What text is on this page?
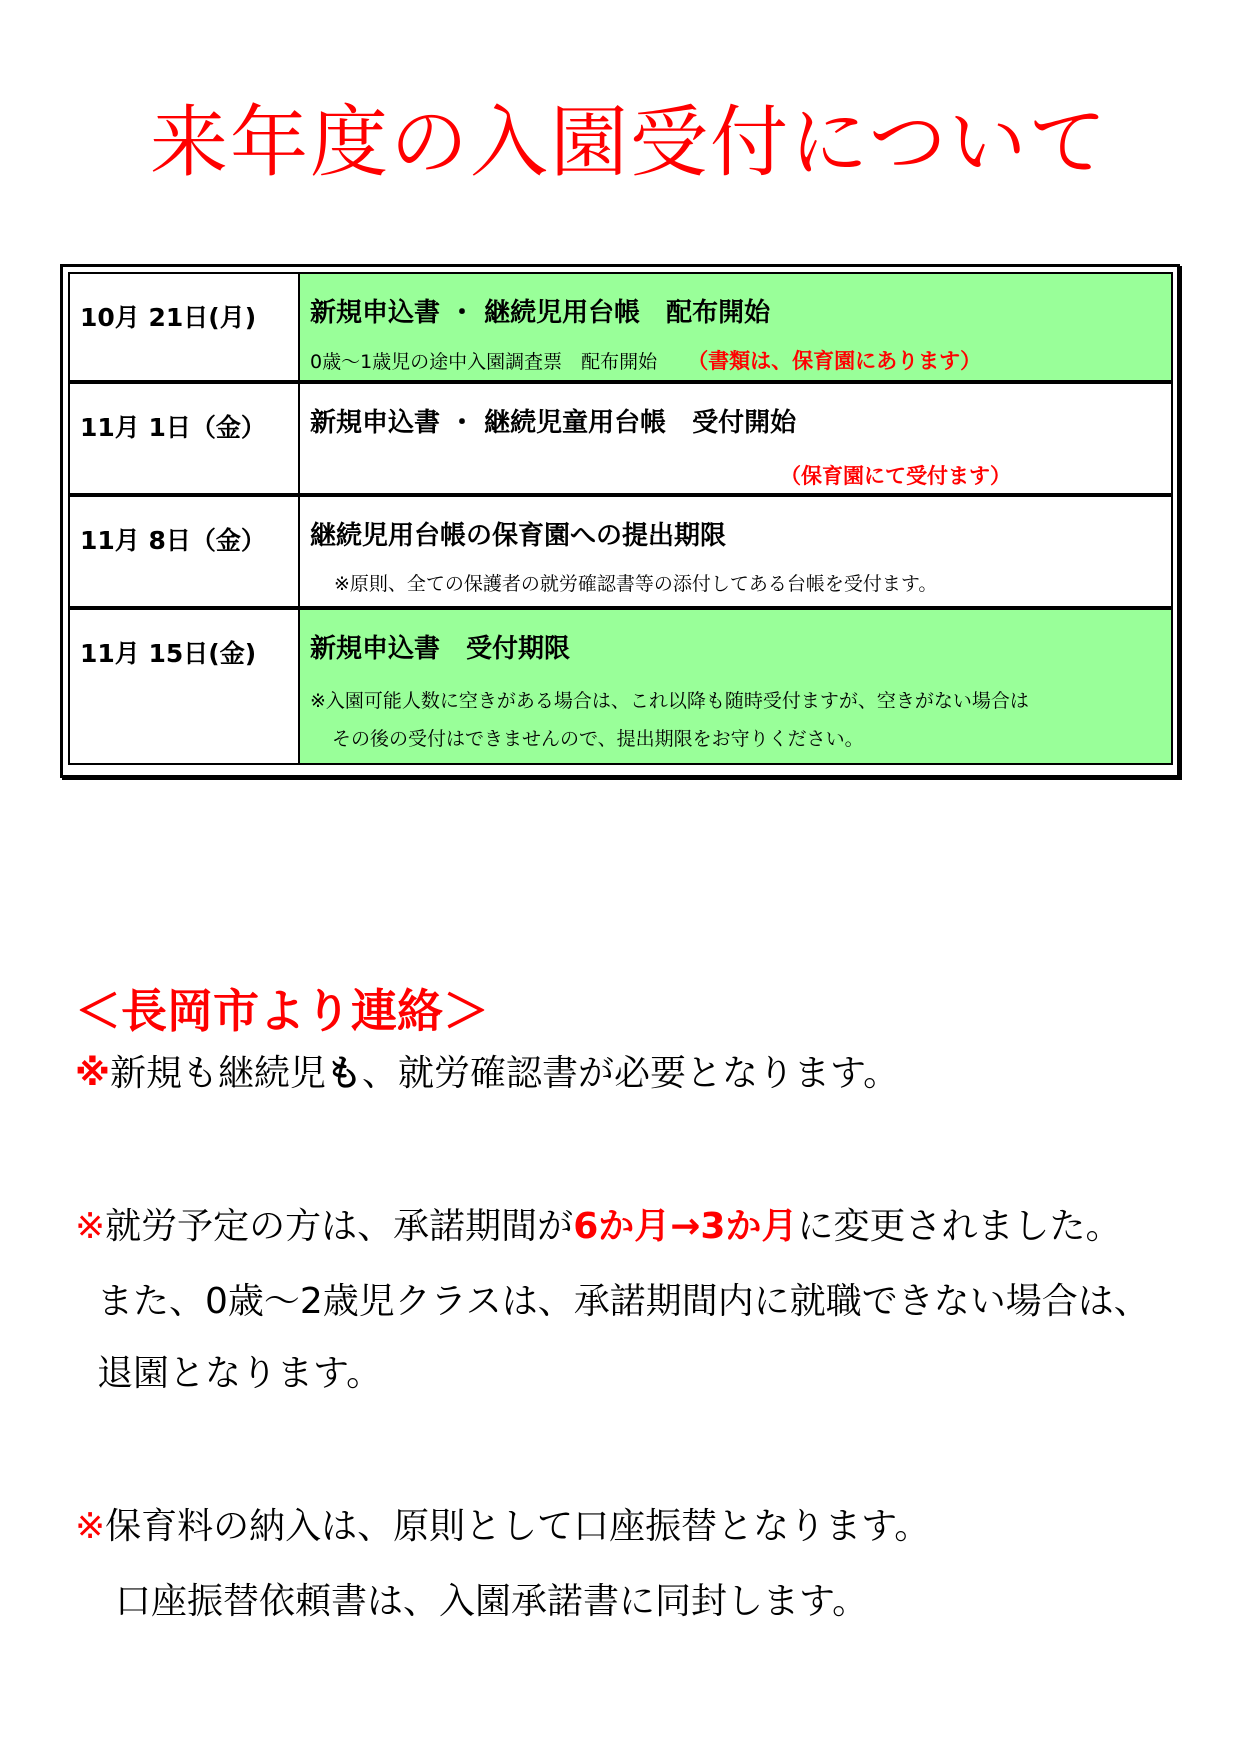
来年度の入園受付について
10月 21日(月)	新規申込書 ・ 継続児用台帳　配布開始
0歳～1歳児の途中入園調査票　配布開始 （書類は、保育園にあります）
11月 1日（金）	新規申込書 ・ 継続児童用台帳　受付開始
（保育園にて受付ます）
11月 8日（金）	継続児用台帳の保育園への提出期限
※原則、全ての保護者の就労確認書等の添付してある台帳を受付ます。
11月 15日(金)	新規申込書　受付期限
※入園可能人数に空きがある場合は、これ以降も随時受付ますが、空きがない場合は
その後の受付はできませんので、提出期限をお守りください。
＜長岡市より連絡＞
※新規も継続児も、就労確認書が必要となります。
※就労予定の方は、承諾期間が6か月→3か月に変更されました。
また、0歳～2歳児クラスは、承諾期間内に就職できない場合は、
退園となります。
※保育料の納入は、原則として口座振替となります。
口座振替依頼書は、入園承諾書に同封します。
